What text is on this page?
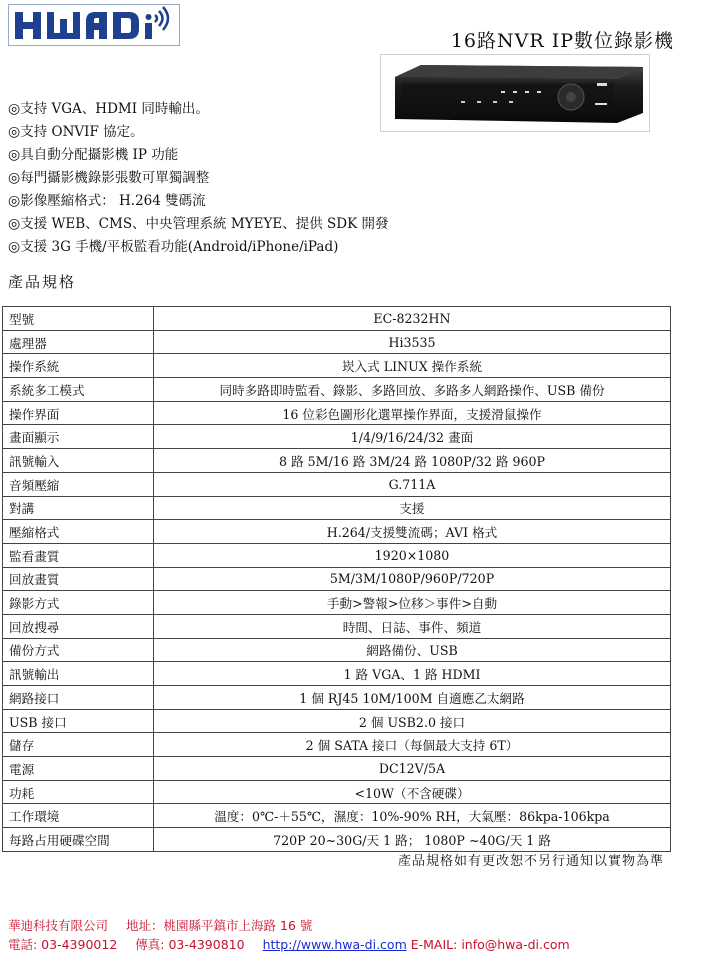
16路NVR IP數位錄影機
◎支持 VGA、HDMI 同時輸出。
◎支持 ONVIF 協定。
◎具自動分配攝影機 IP 功能
◎每門攝影機錄影張數可單獨調整
◎影像壓縮格式： H.264 雙碼流
◎支援 WEB、CMS、中央管理系統 MYEYE、提供 SDK 開發
◎支援 3G 手機/平板監看功能(Android/iPhone/iPad)
產品規格
型號	EC-8232HN
處理器	Hi3535
操作系統	崁入式 LINUX 操作系統
系統多工模式	同時多路即時監看、錄影、多路回放、多路多人網路操作、USB 備份
操作界面	16 位彩色圖形化選單操作界面，支援滑鼠操作
畫面顯示	1/4/9/16/24/32 畫面
訊號輸入	8 路 5M/16 路 3M/24 路 1080P/32 路 960P
音頻壓縮	G.711A
對講	支援
壓縮格式	H.264/支援雙流碼；AVI 格式
監看畫質	1920×1080
回放畫質	5M/3M/1080P/960P/720P
錄影方式	手動>警報>位移＞事件>自動
回放搜尋	時間、日誌、事件、頻道
備份方式	網路備份、USB
訊號輸出	1 路 VGA、1 路 HDMI
網路接口	1 個 RJ45 10M/100M 自適應乙太網路
USB 接口	2 個 USB2.0 接口
儲存	2 個 SATA 接口（每個最大支持 6T）
電源	DC12V/5A
功耗	<10W（不含硬碟）
工作環境	溫度：0℃-＋55℃，濕度：10%-90% RH，大氣壓：86kpa-106kpa
每路占用硬碟空間	720P 20~30G/天 1 路； 1080P ~40G/天 1 路
產品規格如有更改恕不另行通知以實物為準
華迪科技有限公司 地址：桃園縣平鎮市上海路 16 號
電話: 03-4390012 傳真: 03-4390810 http://www.hwa-di.com E-MAIL: info@hwa-di.com
